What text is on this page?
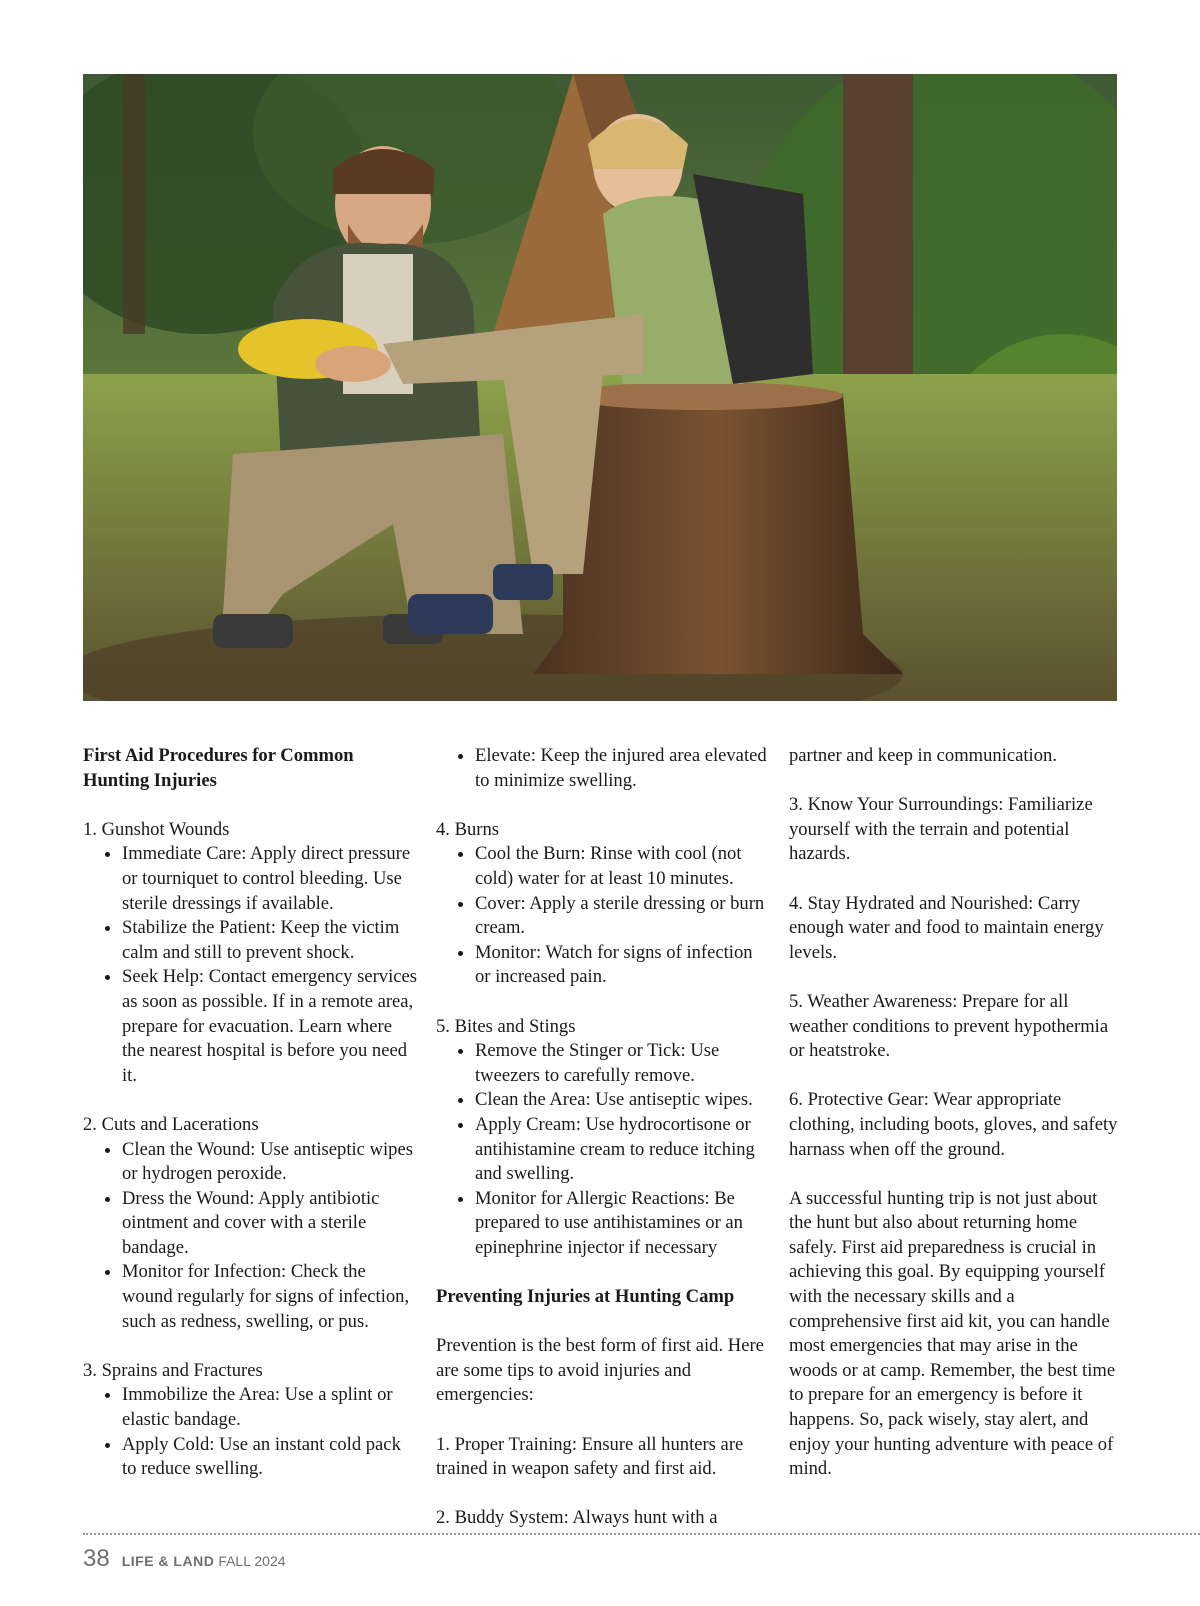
First Aid Procedures for Common Hunting Injuries

1. Gunshot Wounds

• Immediate Care: Apply direct pressure or tourniquet to control bleeding. Use sterile dressings if available.
• Stabilize the Patient: Keep the victim calm and still to prevent shock.
• Seek Help: Contact emergency services as soon as possible. If in a remote area, prepare for evacuation. Learn where the nearest hospital is before you need it.

2. Cuts and Lacerations

• Clean the Wound: Use antiseptic wipes or hydrogen peroxide.
• Dress the Wound: Apply antibiotic ointment and cover with a sterile bandage.
• Monitor for Infection: Check the wound regularly for signs of infection, such as redness, swelling, or pus.

3. Sprains and Fractures

• Immobilize the Area: Use a splint or elastic bandage.
• Apply Cold: Use an instant cold pack to reduce swelling.
• Elevate: Keep the injured area elevated to minimize swelling.

4. Burns

• Cool the Burn: Rinse with cool (not cold) water for at least 10 minutes.
• Cover: Apply a sterile dressing or burn cream.
• Monitor: Watch for signs of infection or increased pain.

5. Bites and Stings

• Remove the Stinger or Tick: Use tweezers to carefully remove.
• Clean the Area: Use antiseptic wipes.
• Apply Cream: Use hydrocortisone or antihistamine cream to reduce itching and swelling.
• Monitor for Allergic Reactions: Be prepared to use antihistamines or an epinephrine injector if necessary
Preventing Injuries at Hunting Camp

Prevention is the best form of first aid. Here are some tips to avoid injuries and emergencies:

1. Proper Training: Ensure all hunters are trained in weapon safety and first aid.

2. Buddy System: Always hunt with a

partner and keep in communication.

3. Know Your Surroundings: Familiarize yourself with the terrain and potential hazards.

4. Stay Hydrated and Nourished: Carry enough water and food to maintain energy levels.

5. Weather Awareness: Prepare for all weather conditions to prevent hypothermia or heatstroke.

6. Protective Gear: Wear appropriate clothing, including boots, gloves, and safety harnass when off the ground.

A successful hunting trip is not just about the hunt but also about returning home safely. First aid preparedness is crucial in achieving this goal. By equipping yourself with the necessary skills and a comprehensive first aid kit, you can handle most emergencies that may arise in the woods or at camp. Remember, the best time to prepare for an emergency is before it happens. So, pack wisely, stay alert, and enjoy your hunting adventure with peace of mind.

38 LIFE & LAND FALL 2024
